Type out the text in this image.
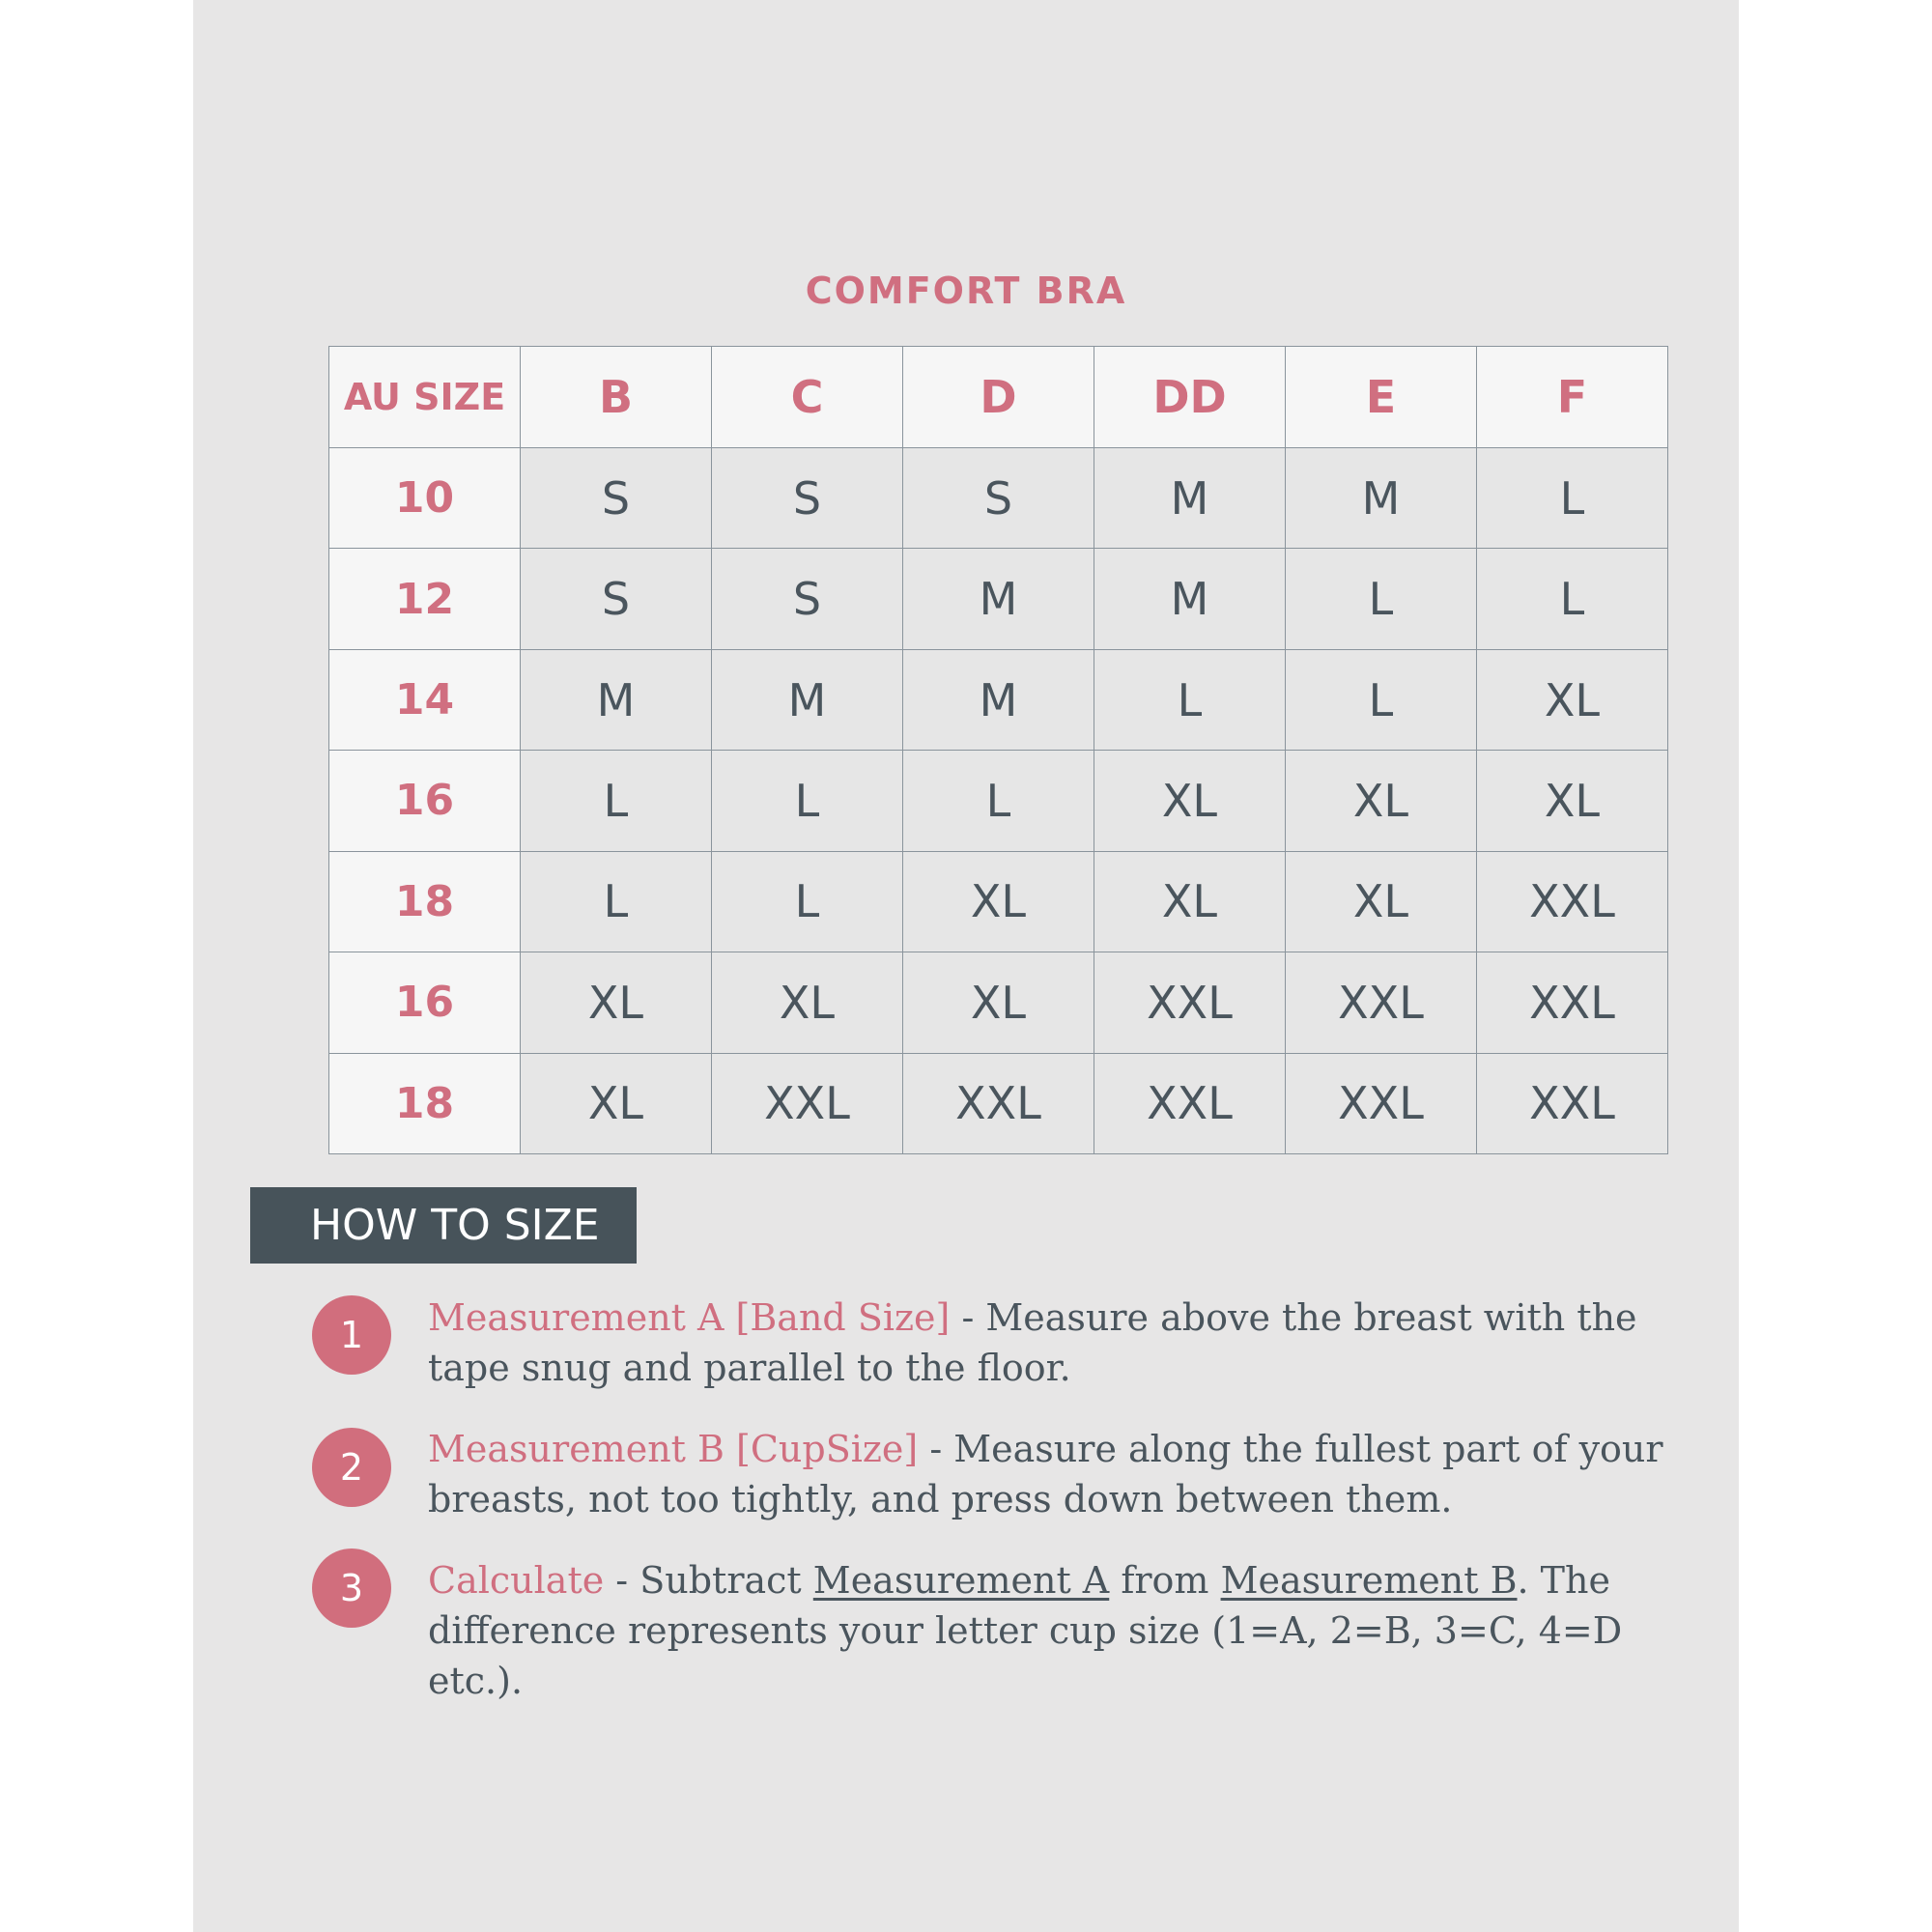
COMFORT BRA
AU SIZE	B	C	D	DD	E	F
10	S	S	S	M	M	L
12	S	S	M	M	L	L
14	M	M	M	L	L	XL
16	L	L	L	XL	XL	XL
18	L	L	XL	XL	XL	XXL
16	XL	XL	XL	XXL	XXL	XXL
18	XL	XXL	XXL	XXL	XXL	XXL
HOW TO SIZE
1	Measurement A [Band Size] - Measure above the breast with the tape snug and parallel to the floor.
2	Measurement B [CupSize] - Measure along the fullest part of your breasts, not too tightly, and press down between them.
3	Calculate - Subtract Measurement A from Measurement B. The difference represents your letter cup size (1=A, 2=B, 3=C, 4=D etc.).
